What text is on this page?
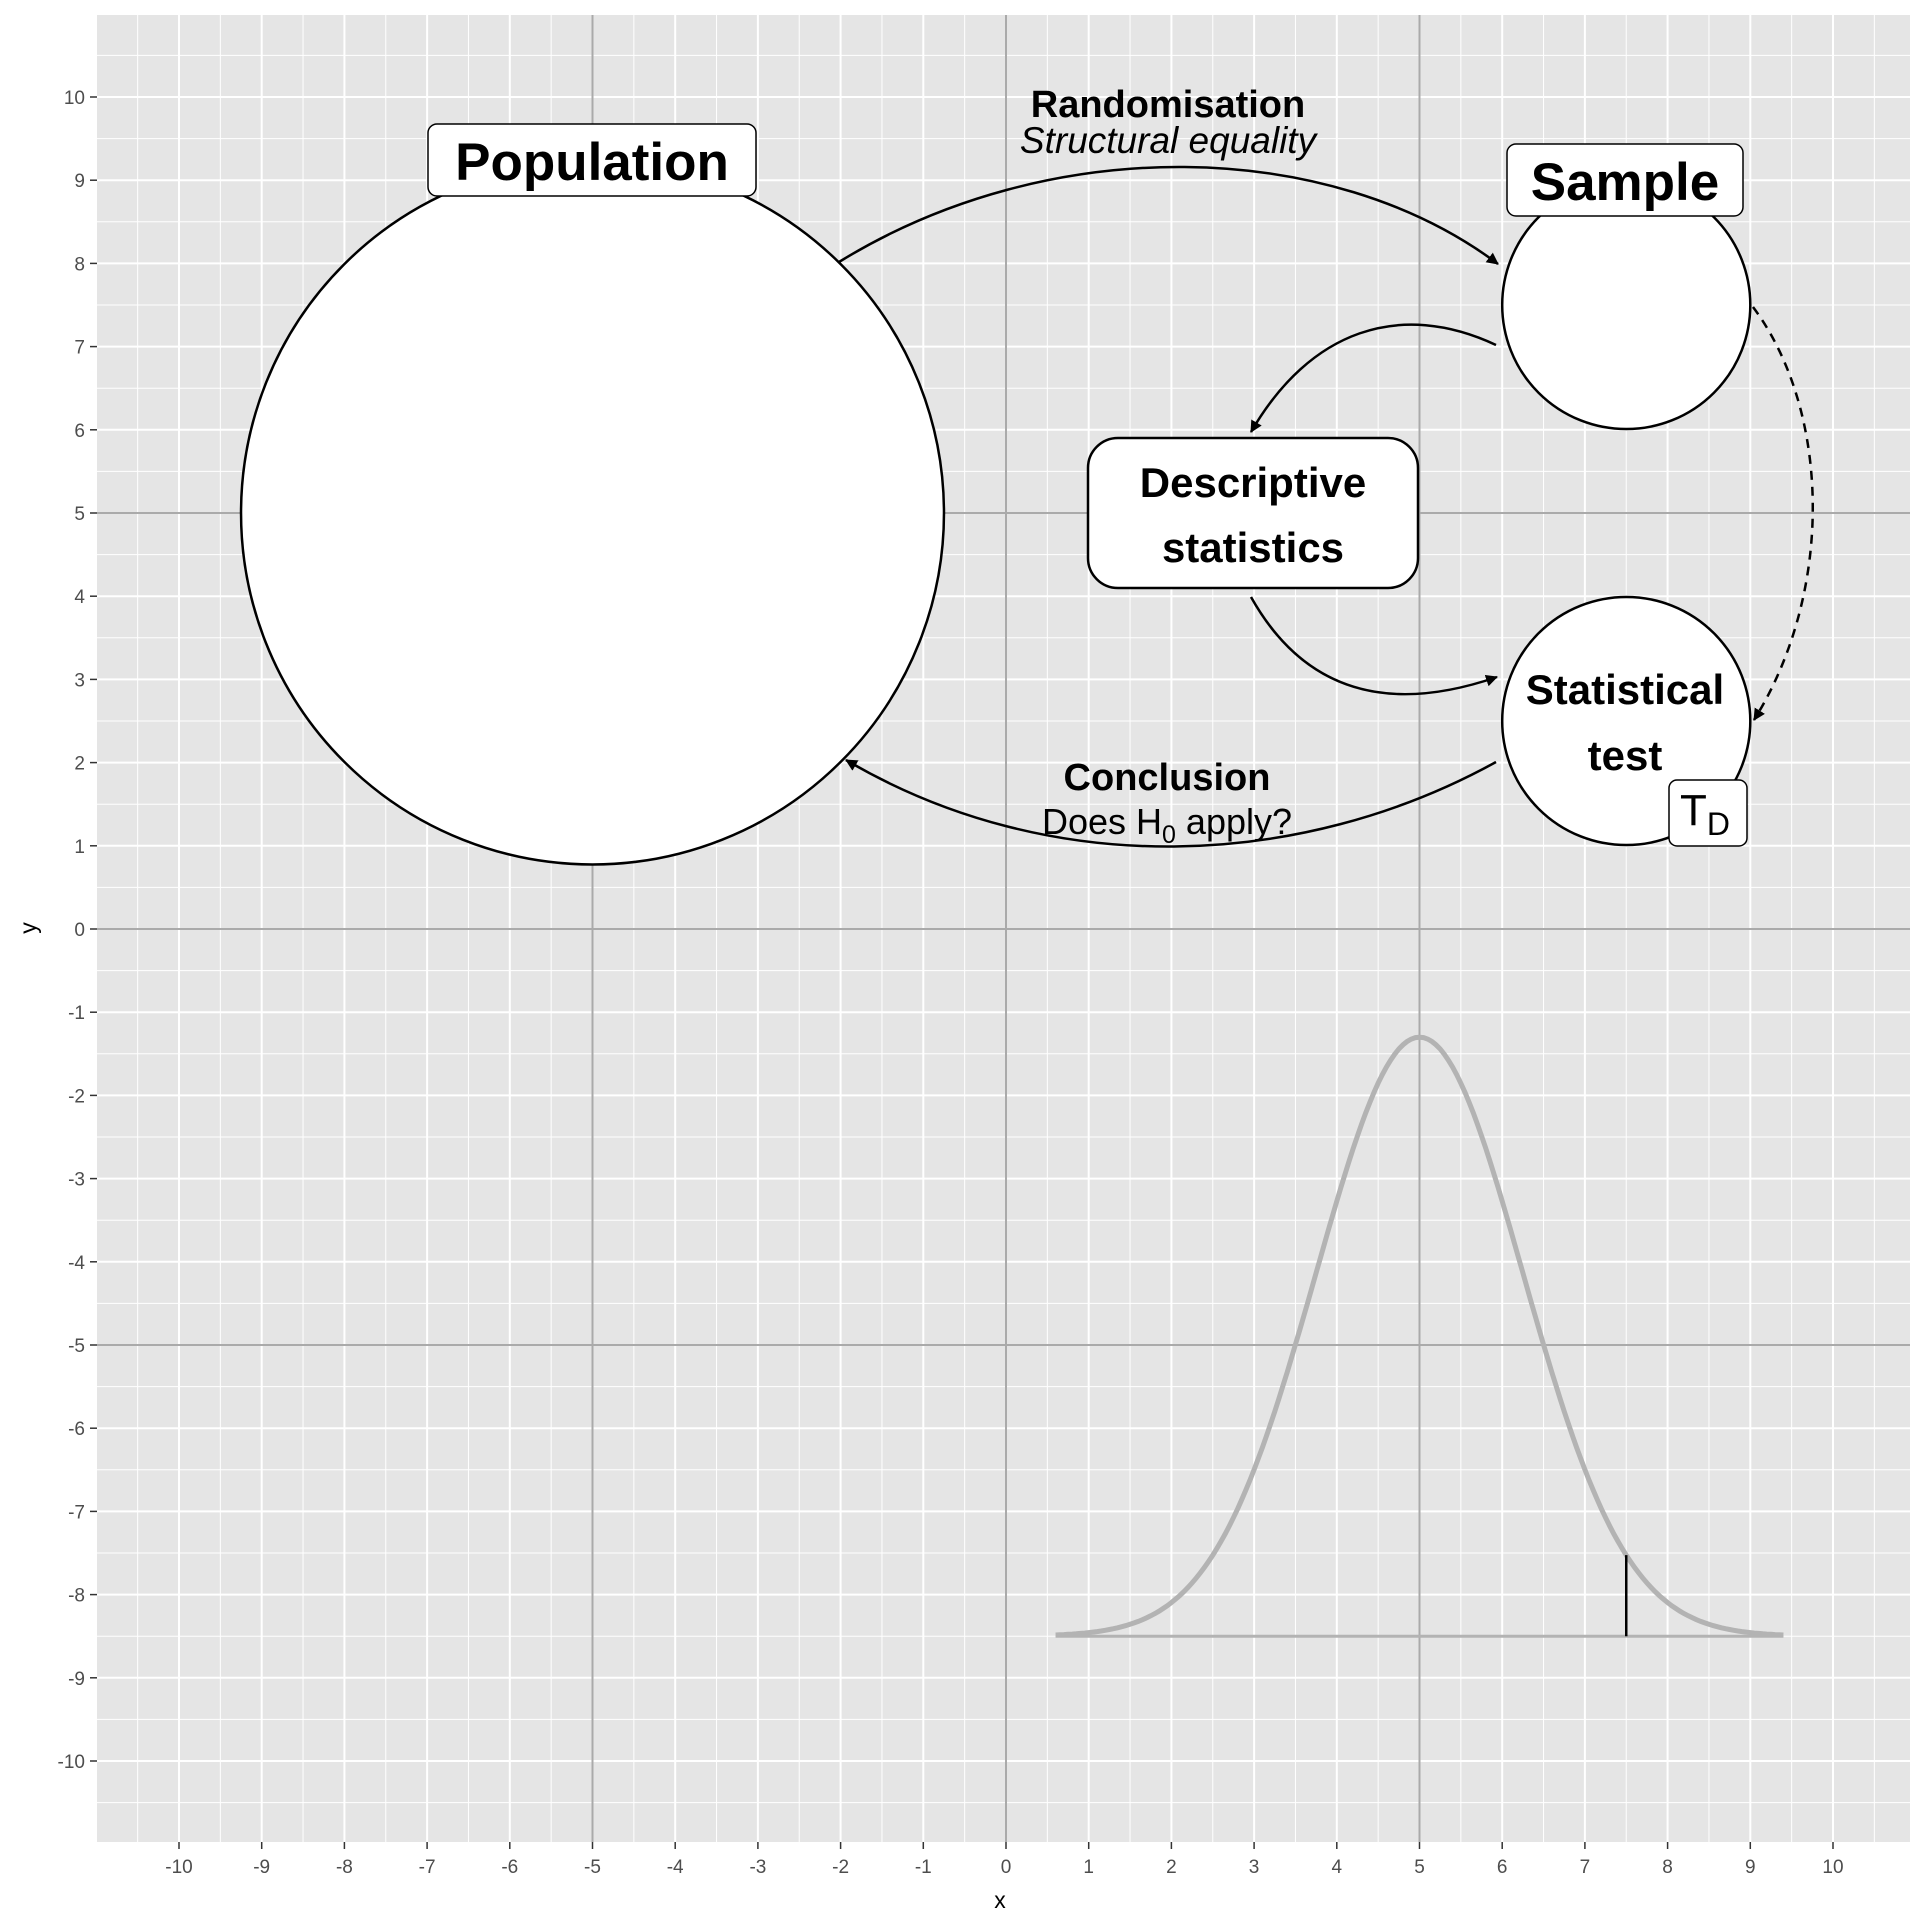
-10	-9	-8	-7	-6	-5	-4	-3	-2	-1	0	1	2	3	4	5	6	7	8	9	10
10
9
8
7
6
5
4
3
2
1
0
-1
-2
-3
-4
-5
-6
-7
-8
-9
-10
x
y
Randomisation
Structural equality
Conclusion
Does $H_0$ apply?
Population	Sample
Descriptive
statistics
Statistical
test
$T_D$
